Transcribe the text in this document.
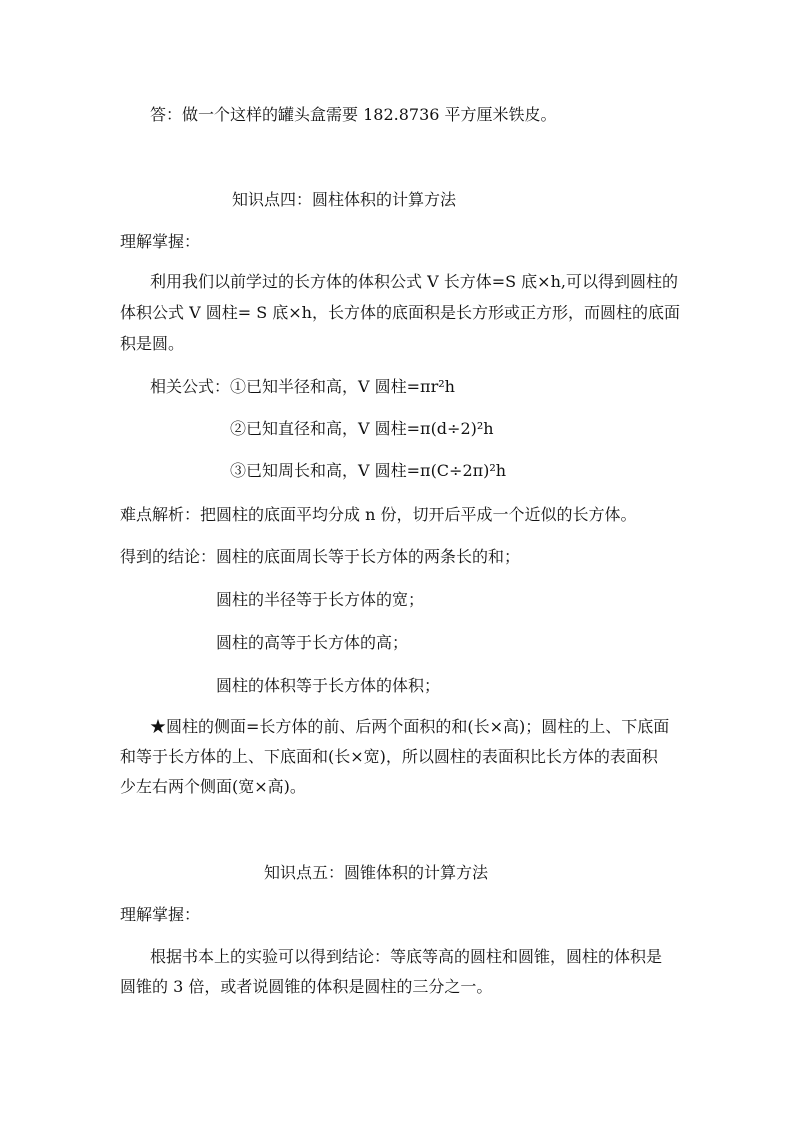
答：做一个这样的罐头盒需要 182.8736 平方厘米铁皮。
知识点四：圆柱体积的计算方法
理解掌握：
利用我们以前学过的长方体的体积公式 V 长方体=S 底×h,可以得到圆柱的
体积公式 V 圆柱= S 底×h，长方体的底面积是长方形或正方形，而圆柱的底面
积是圆。
相关公式：①已知半径和高，V 圆柱=πr²h
②已知直径和高，V 圆柱=π(d÷2)²h
③已知周长和高，V 圆柱=π(C÷2π)²h
难点解析：把圆柱的底面平均分成 n 份，切开后平成一个近似的长方体。
得到的结论：圆柱的底面周长等于长方体的两条长的和；
圆柱的半径等于长方体的宽；
圆柱的高等于长方体的高；
圆柱的体积等于长方体的体积；
★圆柱的侧面=长方体的前、后两个面积的和(长×高)；圆柱的上、下底面
和等于长方体的上、下底面和(长×宽)，所以圆柱的表面积比长方体的表面积
少左右两个侧面(宽×高)。
知识点五：圆锥体积的计算方法
理解掌握：
根据书本上的实验可以得到结论：等底等高的圆柱和圆锥，圆柱的体积是
圆锥的 3 倍，或者说圆锥的体积是圆柱的三分之一。
